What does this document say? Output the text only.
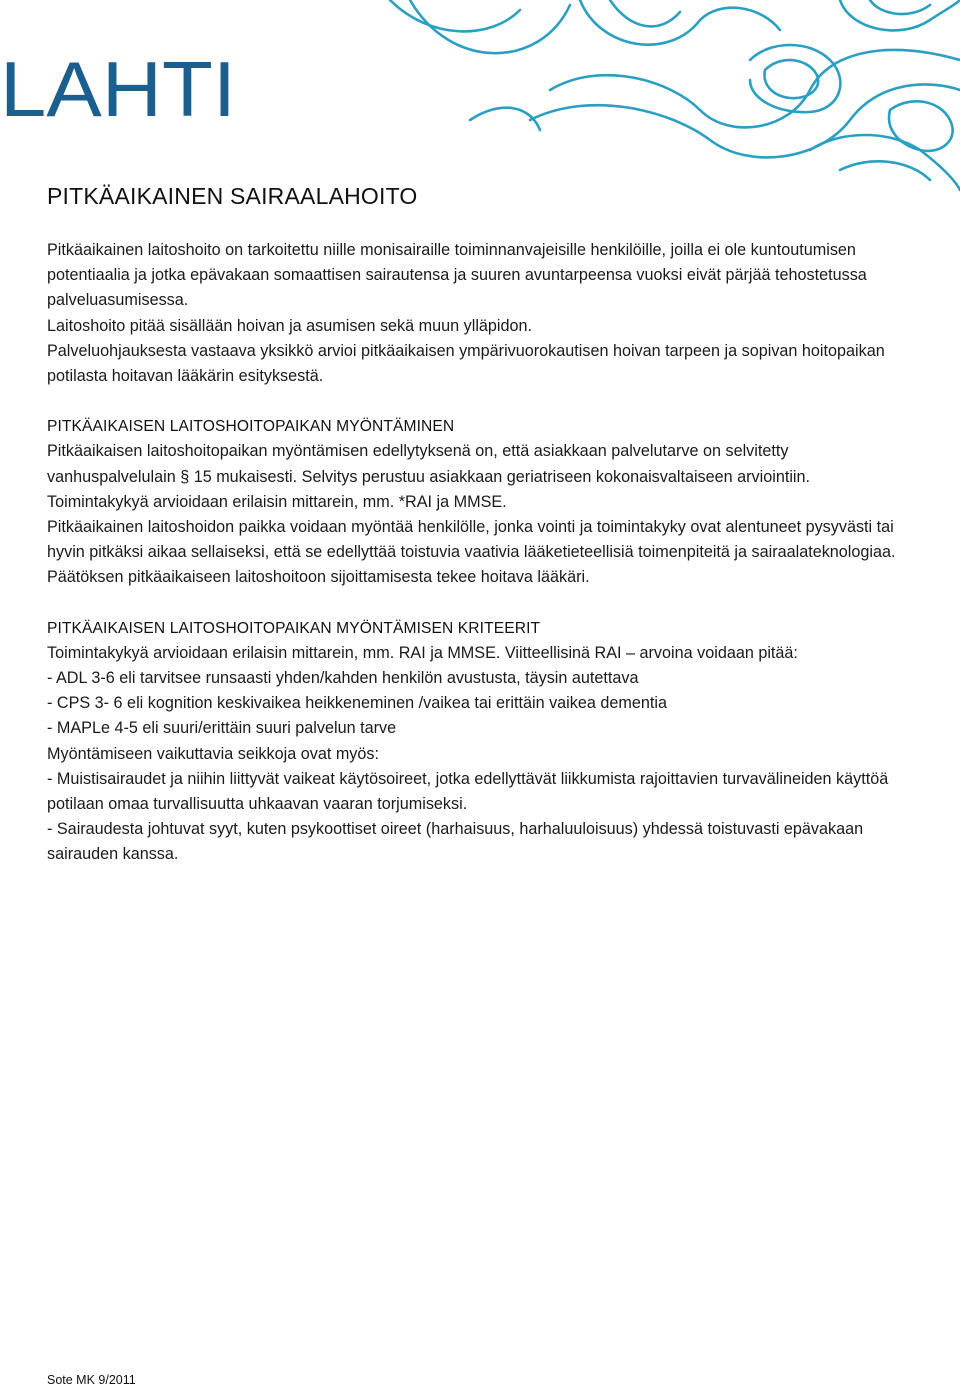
LAHTI
PITKÄAIKAINEN SAIRAALAHOITO

Pitkäaikainen laitoshoito on tarkoitettu niille monisairaille toiminnanvajeisille henkilöille, joilla ei ole kuntoutumisen potentiaalia ja jotka epävakaan somaattisen sairautensa ja suuren avuntarpeensa vuoksi eivät pärjää tehostetussa palveluasumisessa.

Laitoshoito pitää sisällään hoivan ja asumisen sekä muun ylläpidon.

Palveluohjauksesta vastaava yksikkö arvioi pitkäaikaisen ympärivuorokautisen hoivan tarpeen ja sopivan hoitopaikan potilasta hoitavan lääkärin esityksestä.

PITKÄAIKAISEN LAITOSHOITOPAIKAN MYÖNTÄMINEN

Pitkäaikaisen laitoshoitopaikan myöntämisen edellytyksenä on, että asiakkaan palvelutarve on selvitetty vanhuspalvelulain § 15 mukaisesti. Selvitys perustuu asiakkaan geriatriseen kokonaisvaltaiseen arviointiin.

Toimintakykyä arvioidaan erilaisin mittarein, mm. *RAI ja MMSE.

Pitkäaikainen laitoshoidon paikka voidaan myöntää henkilölle, jonka vointi ja toimintakyky ovat alentuneet pysyvästi tai hyvin pitkäksi aikaa sellaiseksi, että se edellyttää toistuvia vaativia lääketieteellisiä toimenpiteitä ja sairaalateknologiaa. Päätöksen pitkäaikaiseen laitoshoitoon sijoittamisesta tekee hoitava lääkäri.

PITKÄAIKAISEN LAITOSHOITOPAIKAN MYÖNTÄMISEN KRITEERIT

Toimintakykyä arvioidaan erilaisin mittarein, mm. RAI ja MMSE. Viitteellisinä RAI – arvoina voidaan pitää:

- ADL 3-6 eli tarvitsee runsaasti yhden/kahden henkilön avustusta, täysin autettava

- CPS 3- 6 eli kognition keskivaikea heikkeneminen /vaikea tai erittäin vaikea dementia

- MAPLe 4-5 eli suuri/erittäin suuri palvelun tarve

Myöntämiseen vaikuttavia seikkoja ovat myös:

- Muistisairaudet ja niihin liittyvät vaikeat käytösoireet, jotka edellyttävät liikkumista rajoittavien turvavälineiden käyttöä potilaan omaa turvallisuutta uhkaavan vaaran torjumiseksi.

- Sairaudesta johtuvat syyt, kuten psykoottiset oireet (harhaisuus, harhaluuloisuus) yhdessä toistuvasti epävakaan sairauden kanssa.

Sote MK 9/2011
